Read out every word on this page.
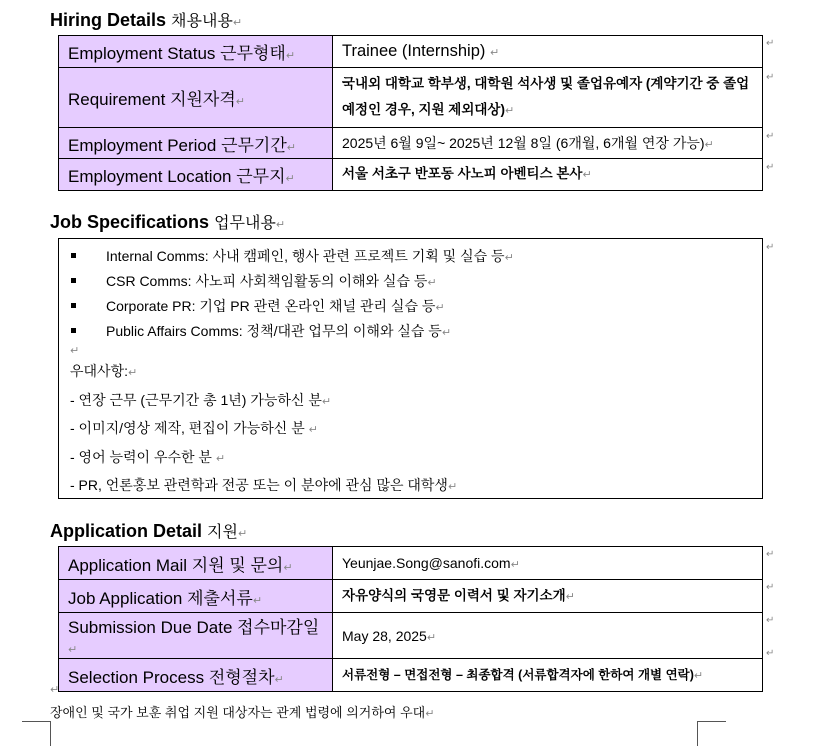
Hiring Details 채용내용↵
Employment Status 근무형태↵	Trainee (Internship) ↵
Requirement 지원자격↵	국내외 대학교 학부생, 대학원 석사생 및 졸업유예자 (계약기간 중 졸업 예정인 경우, 지원 제외대상)↵
Employment Period 근무기간↵	2025년 6월 9일~ 2025년 12월 8일 (6개월, 6개월 연장 가능)↵
Employment Location 근무지↵	서울 서초구 반포동 사노피 아벤티스 본사↵
↵
↵
↵
↵
Job Specifications 업무내용↵
Internal Comms: 사내 캠페인, 행사 관련 프로젝트 기획 및 실습 등↵
CSR Comms: 사노피 사회책임활동의 이해와 실습 등↵
Corporate PR: 기업 PR 관련 온라인 채널 관리 실습 등↵
Public Affairs Comms: 정책/대관 업무의 이해와 실습 등↵
↵
우대사항:↵
- 연장 근무 (근무기간 총 1년) 가능하신 분↵
- 이미지/영상 제작, 편집이 가능하신 분 ↵
- 영어 능력이 우수한 분 ↵
- PR, 언론홍보 관련학과 전공 또는 이 분야에 관심 많은 대학생↵
↵
Application Detail 지원↵
Application Mail 지원 및 문의↵	Yeunjae.Song@sanofi.com↵
Job Application 제출서류↵	자유양식의 국영문 이력서 및 자기소개↵
Submission Due Date 접수마감일↵	May 28, 2025↵
Selection Process 전형절차↵	서류전형 – 면접전형 – 최종합격 (서류합격자에 한하여 개별 연락)↵
↵
↵
↵
↵
↵
장애인 및 국가 보훈 취업 지원 대상자는 관계 법령에 의거하여 우대↵
